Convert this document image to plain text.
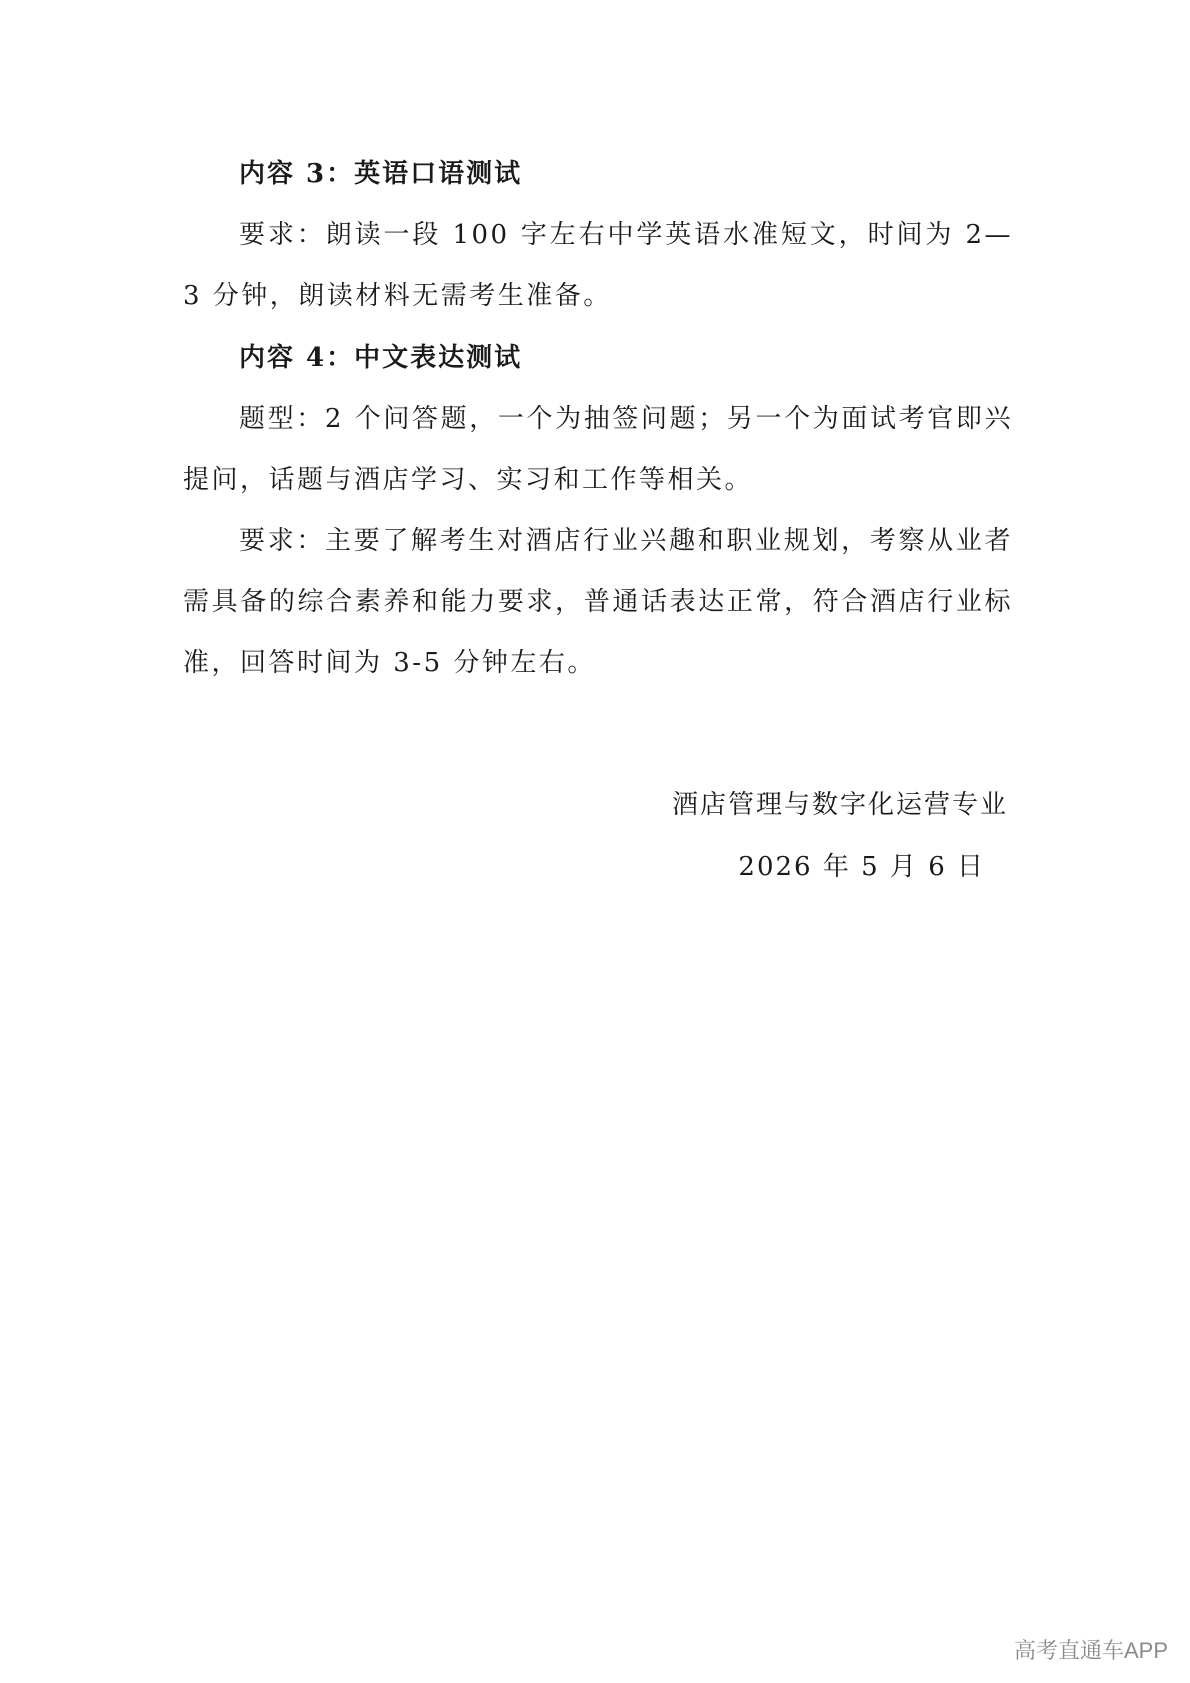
内容 3：英语口语测试

要求：朗读一段 100 字左右中学英语水准短文，时间为 2—3 分钟，朗读材料无需考生准备。

内容 4：中文表达测试

题型：2 个问答题，一个为抽签问题；另一个为面试考官即兴提问，话题与酒店学习、实习和工作等相关。

要求：主要了解考生对酒店行业兴趣和职业规划，考察从业者需具备的综合素养和能力要求，普通话表达正常，符合酒店行业标准，回答时间为 3-5 分钟左右。

酒店管理与数字化运营专业
2026 年 5 月 6 日
高考直通车APP
